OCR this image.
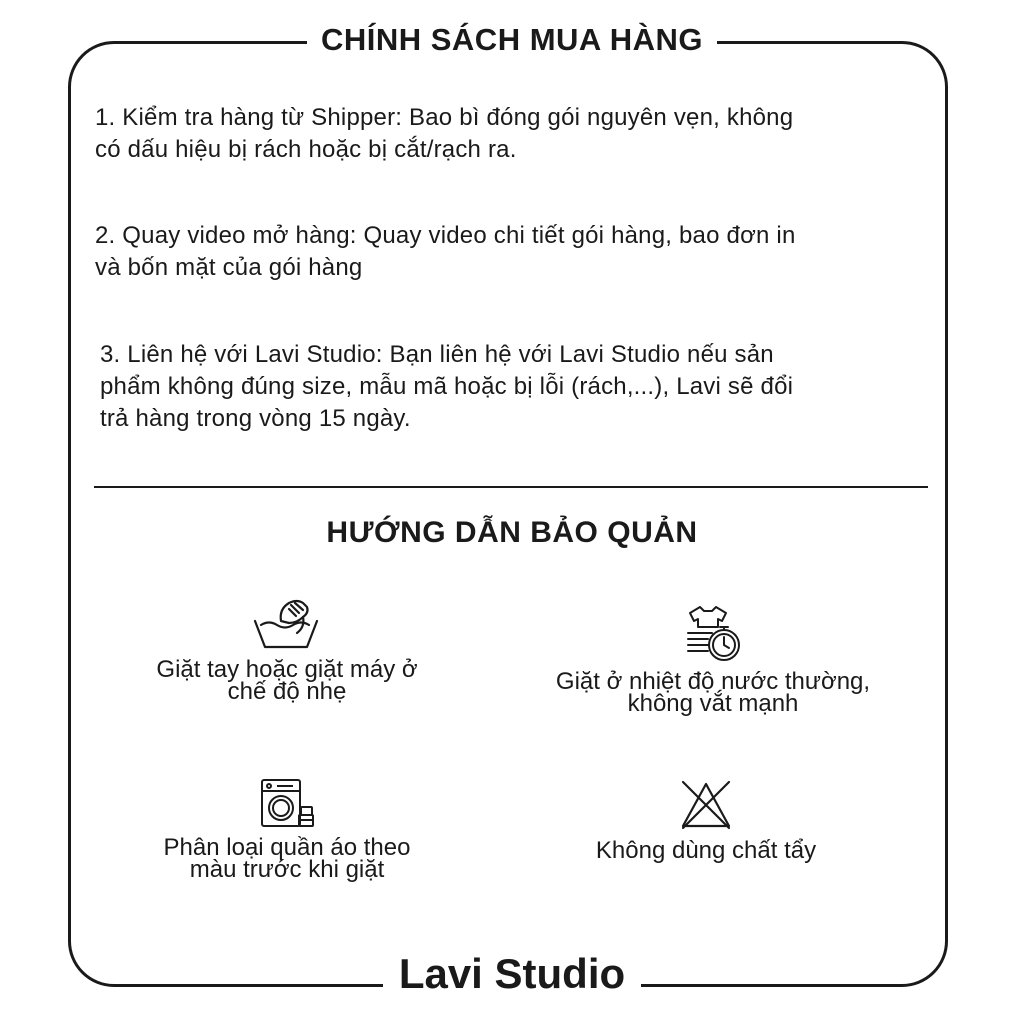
CHÍNH SÁCH MUA HÀNG
1. Kiểm tra hàng từ Shipper: Bao bì đóng gói nguyên vẹn, không
có dấu hiệu bị rách hoặc bị cắt/rạch ra.
2. Quay video mở hàng: Quay video chi tiết gói hàng, bao đơn in
và bốn mặt của gói hàng
3. Liên hệ với Lavi Studio: Bạn liên hệ với Lavi Studio nếu sản
phẩm không đúng size, mẫu mã hoặc bị lỗi (rách,...), Lavi sẽ đổi
trả hàng trong vòng 15 ngày.
HƯỚNG DẪN BẢO QUẢN
Giặt tay hoặc giặt máy ở
chế độ nhẹ	Giặt ở nhiệt độ nước thường,
không vắt mạnh
Phân loại quần áo theo
màu trước khi giặt
Không dùng chất tẩy
Lavi Studio
